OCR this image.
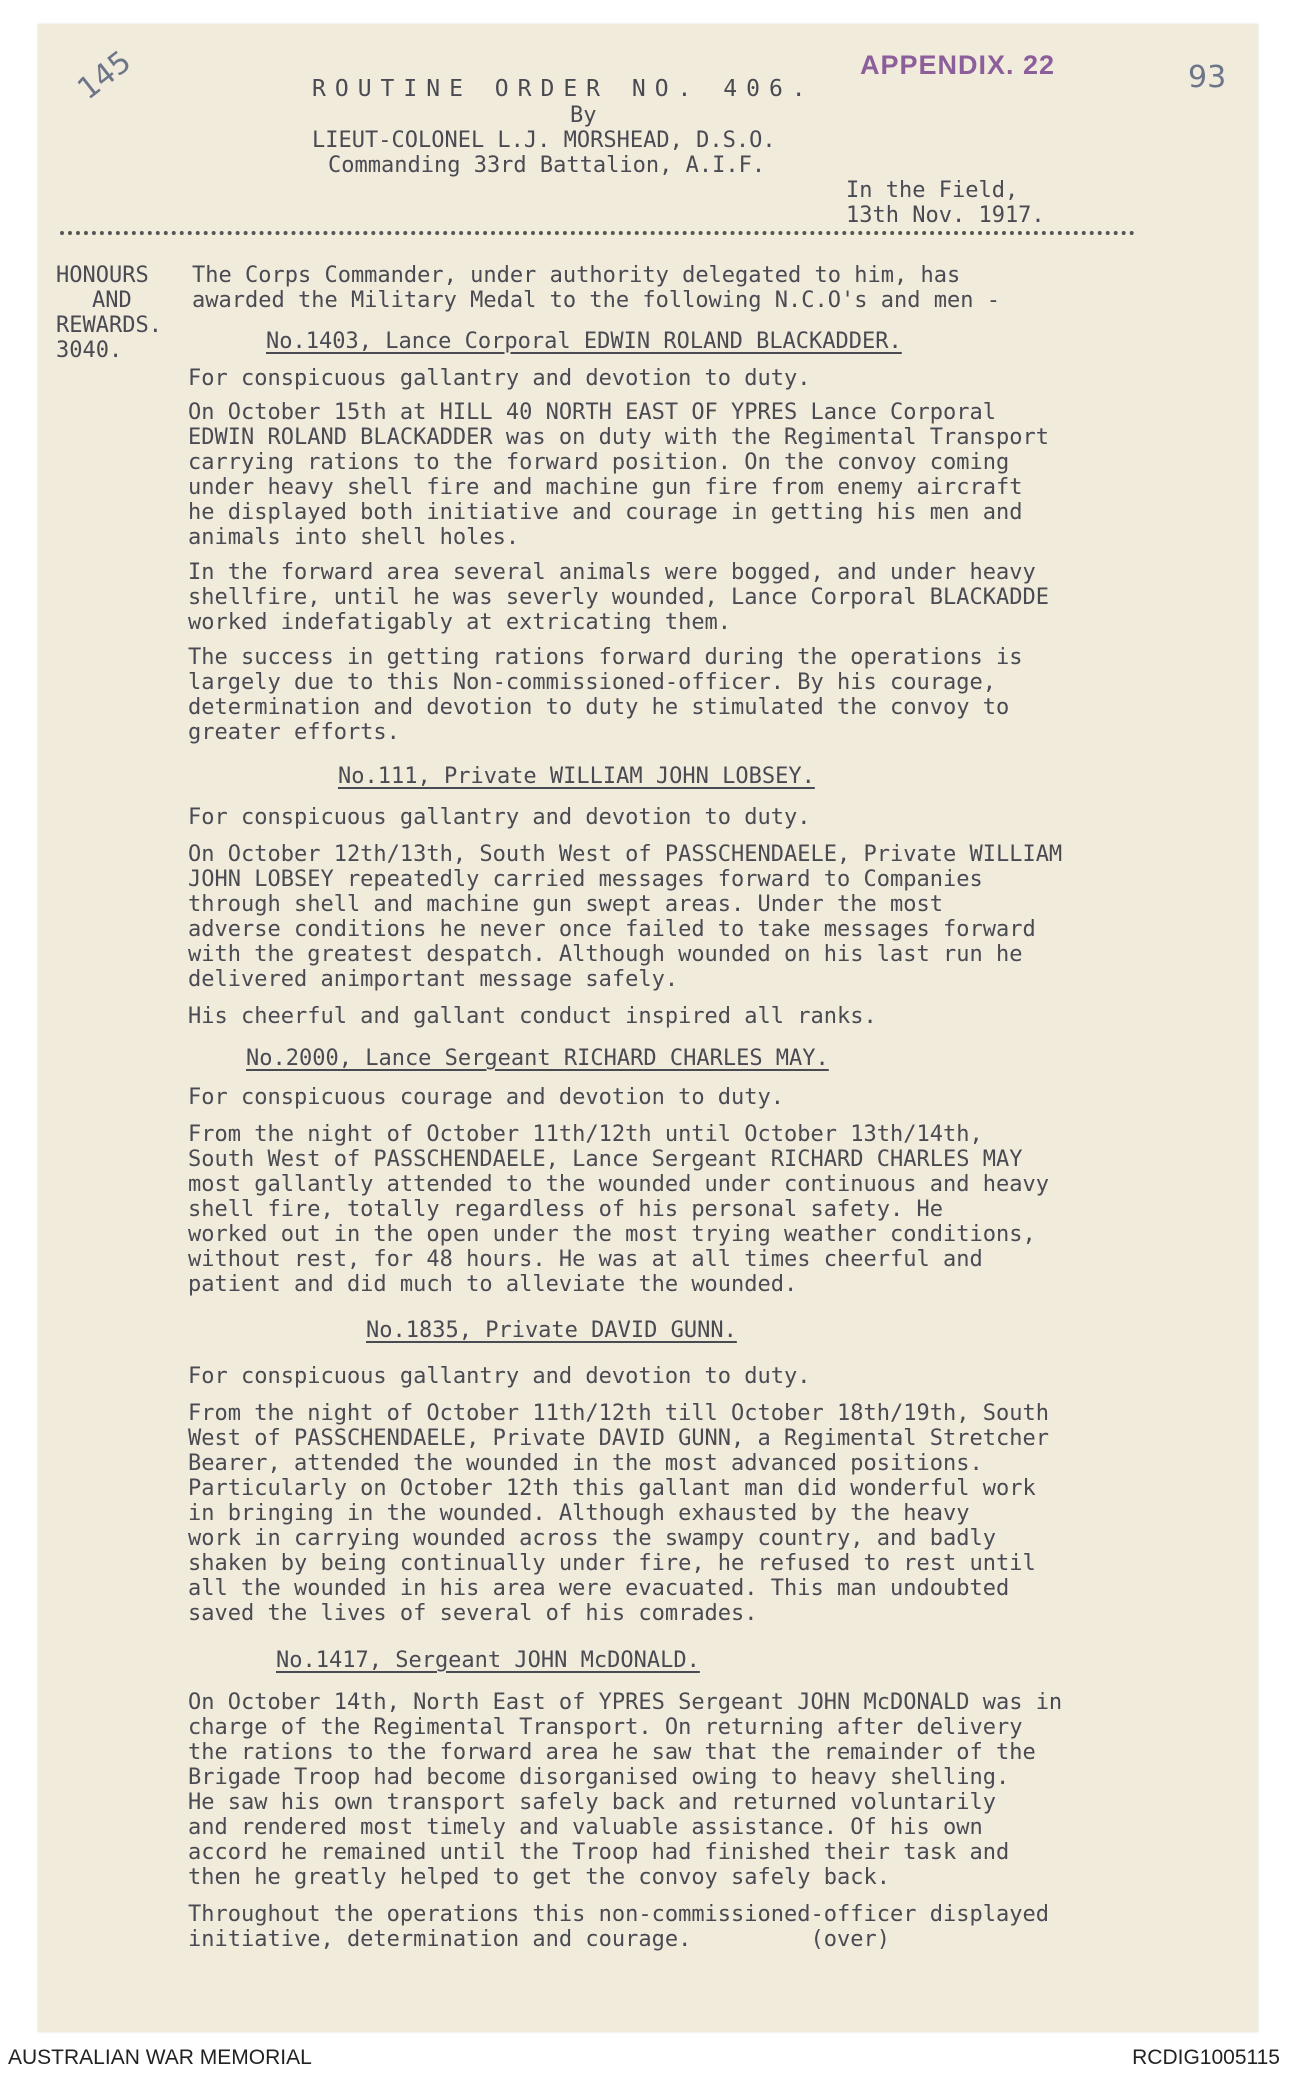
145	APPENDIX. 22	93
ROUTINE ORDER NO. 406.
By
LIEUT-COLONEL L.J. MORSHEAD, D.S.O.
Commanding 33rd Battalion, A.I.F.
In the Field,
13th Nov. 1917.
HONOURS
AND
REWARDS.
3040.
The Corps Commander, under authority delegated to him, has
awarded the Military Medal to the following N.C.O's and men -
No.1403, Lance Corporal EDWIN ROLAND BLACKADDER.
For conspicuous gallantry and devotion to duty.
On October 15th at HILL 40 NORTH EAST OF YPRES Lance Corporal
EDWIN ROLAND BLACKADDER was on duty with the Regimental Transport
carrying rations to the forward position. On the convoy coming
under heavy shell fire and machine gun fire from enemy aircraft
he displayed both initiative and courage in getting his men and
animals into shell holes.
In the forward area several animals were bogged, and under heavy
shellfire, until he was severly wounded, Lance Corporal BLACKADDE
worked indefatigably at extricating them.
The success in getting rations forward during the operations is
largely due to this Non-commissioned-officer. By his courage,
determination and devotion to duty he stimulated the convoy to
greater efforts.
No.111, Private WILLIAM JOHN LOBSEY.
For conspicuous gallantry and devotion to duty.
On October 12th/13th, South West of PASSCHENDAELE, Private WILLIAM
JOHN LOBSEY repeatedly carried messages forward to Companies
through shell and machine gun swept areas. Under the most
adverse conditions he never once failed to take messages forward
with the greatest despatch. Although wounded on his last run he
delivered animportant message safely.
His cheerful and gallant conduct inspired all ranks.
No.2000, Lance Sergeant RICHARD CHARLES MAY.
For conspicuous courage and devotion to duty.
From the night of October 11th/12th until October 13th/14th,
South West of PASSCHENDAELE, Lance Sergeant RICHARD CHARLES MAY
most gallantly attended to the wounded under continuous and heavy
shell fire, totally regardless of his personal safety. He
worked out in the open under the most trying weather conditions,
without rest, for 48 hours. He was at all times cheerful and
patient and did much to alleviate the wounded.
No.1835, Private DAVID GUNN.
For conspicuous gallantry and devotion to duty.
From the night of October 11th/12th till October 18th/19th, South
West of PASSCHENDAELE, Private DAVID GUNN, a Regimental Stretcher
Bearer, attended the wounded in the most advanced positions.
Particularly on October 12th this gallant man did wonderful work
in bringing in the wounded. Although exhausted by the heavy
work in carrying wounded across the swampy country, and badly
shaken by being continually under fire, he refused to rest until
all the wounded in his area were evacuated. This man undoubted
saved the lives of several of his comrades.
No.1417, Sergeant JOHN McDONALD.
On October 14th, North East of YPRES Sergeant JOHN McDONALD was in
charge of the Regimental Transport. On returning after delivery
the rations to the forward area he saw that the remainder of the
Brigade Troop had become disorganised owing to heavy shelling.
He saw his own transport safely back and returned voluntarily
and rendered most timely and valuable assistance. Of his own
accord he remained until the Troop had finished their task and
then he greatly helped to get the convoy safely back.
Throughout the operations this non-commissioned-officer displayed
initiative, determination and courage.         (over)
AUSTRALIAN WAR MEMORIAL	RCDIG1005115
